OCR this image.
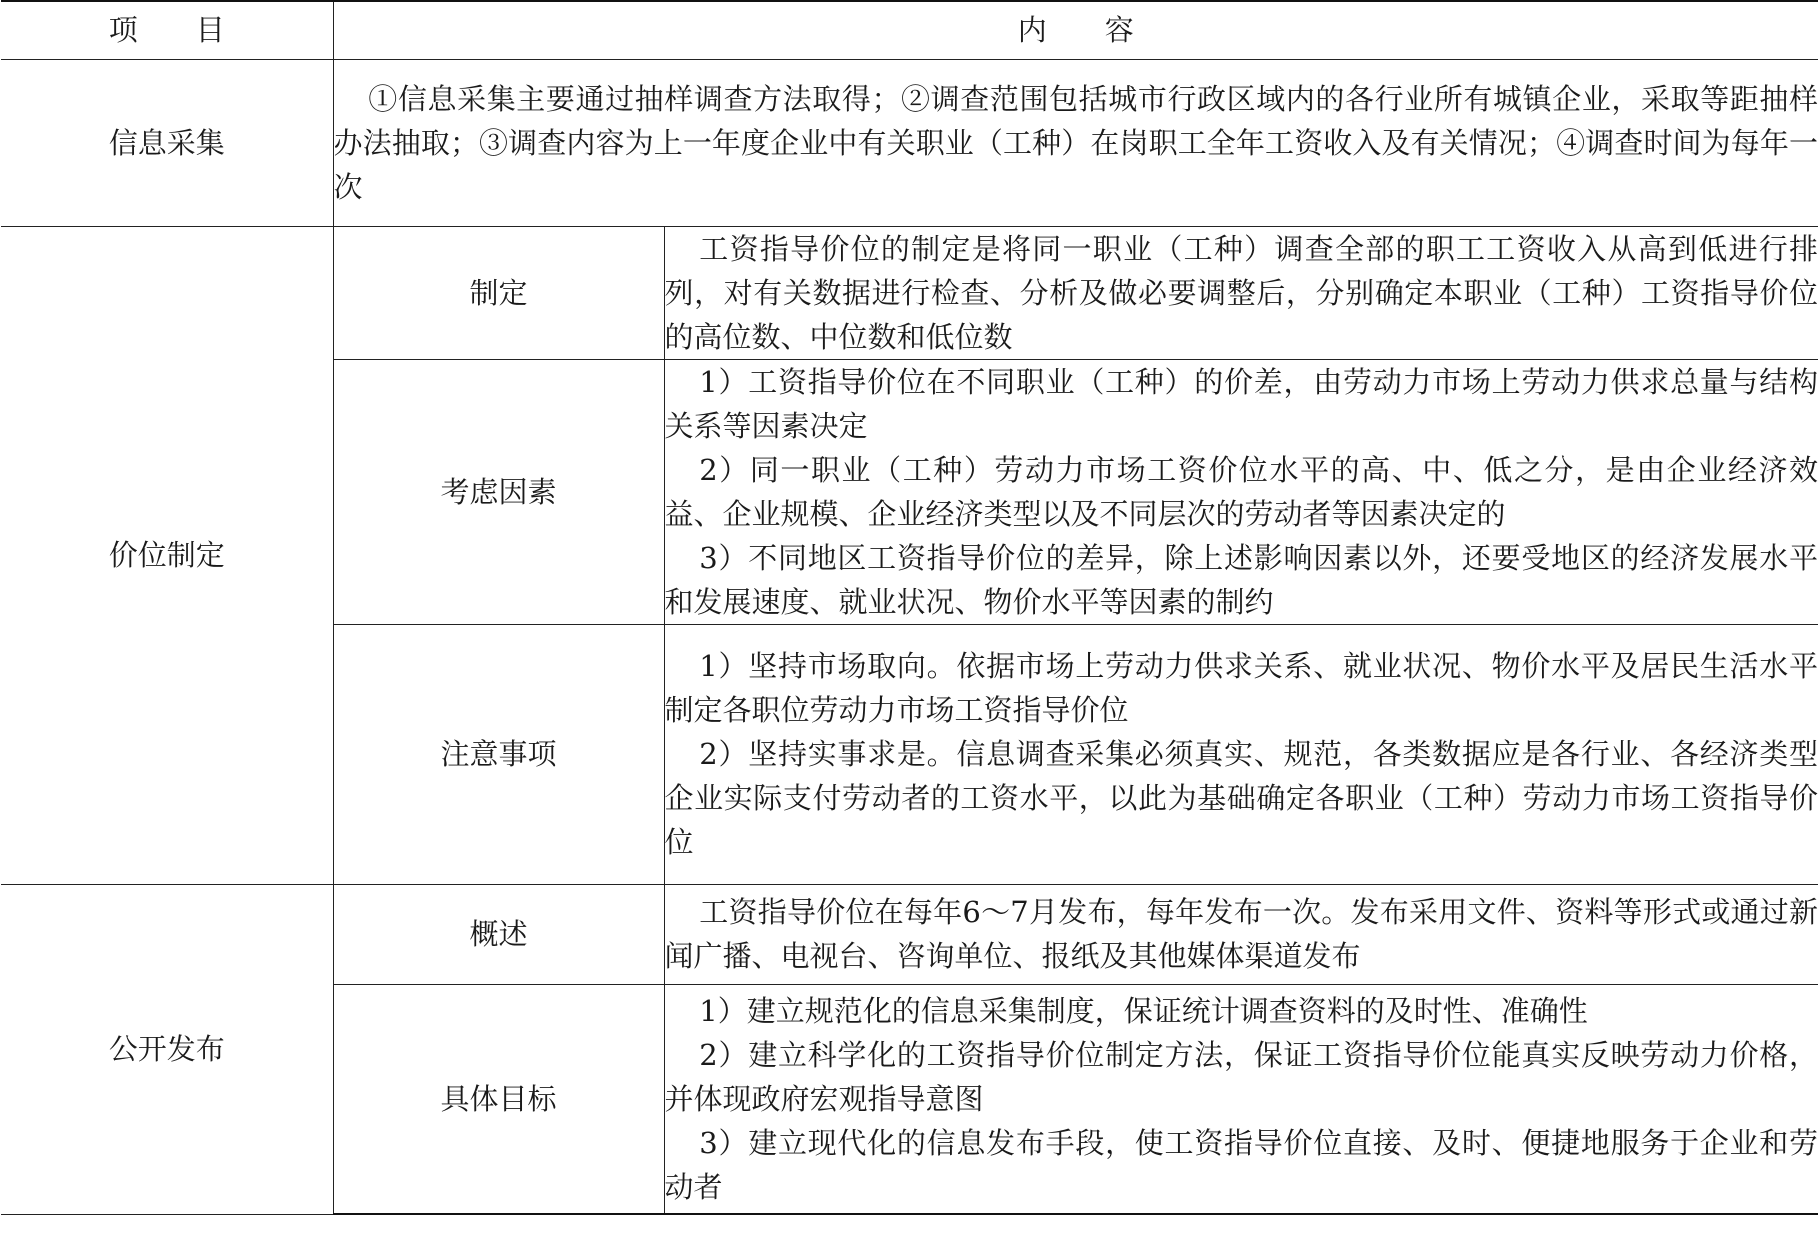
项　　目	内　　容	
信息采集	①信息采集主要通过抽样调查方法取得；②调查范围包括城市行政区域内的各行业所有城镇企业，采取等距抽样办法抽取；③调查内容为上一年度企业中有关职业（工种）在岗职工全年工资收入及有关情况；④调查时间为每年一次	

价位制定	制定	工资指导价位的制定是将同一职业（工种）调查全部的职工工资收入从高到低进行排列，对有关数据进行检查、分析及做必要调整后，分别确定本职业（工种）工资指导价位的高位数、中位数和低位数

	考虑因素	1）工资指导价位在不同职业（工种）的价差，由劳动力市场上劳动力供求总量与结构关系等因素决定
2）同一职业（工种）劳动力市场工资价位水平的高、中、低之分，是由企业经济效益、企业规模、企业经济类型以及不同层次的劳动者等因素决定的
3）不同地区工资指导价位的差异，除上述影响因素以外，还要受地区的经济发展水平和发展速度、就业状况、物价水平等因素的制约

	注意事项	1）坚持市场取向。依据市场上劳动力供求关系、就业状况、物价水平及居民生活水平制定各职位劳动力市场工资指导价位
2）坚持实事求是。信息调查采集必须真实、规范，各类数据应是各行业、各经济类型企业实际支付劳动者的工资水平，以此为基础确定各职业（工种）劳动力市场工资指导价位

公开发布	概述	工资指导价位在每年6～7月发布，每年发布一次。发布采用文件、资料等形式或通过新闻广播、电视台、咨询单位、报纸及其他媒体渠道发布

	具体目标	1）建立规范化的信息采集制度，保证统计调查资料的及时性、准确性
2）建立科学化的工资指导价位制定方法，保证工资指导价位能真实反映劳动力价格，并体现政府宏观指导意图
3）建立现代化的信息发布手段，使工资指导价位直接、及时、便捷地服务于企业和劳动者
